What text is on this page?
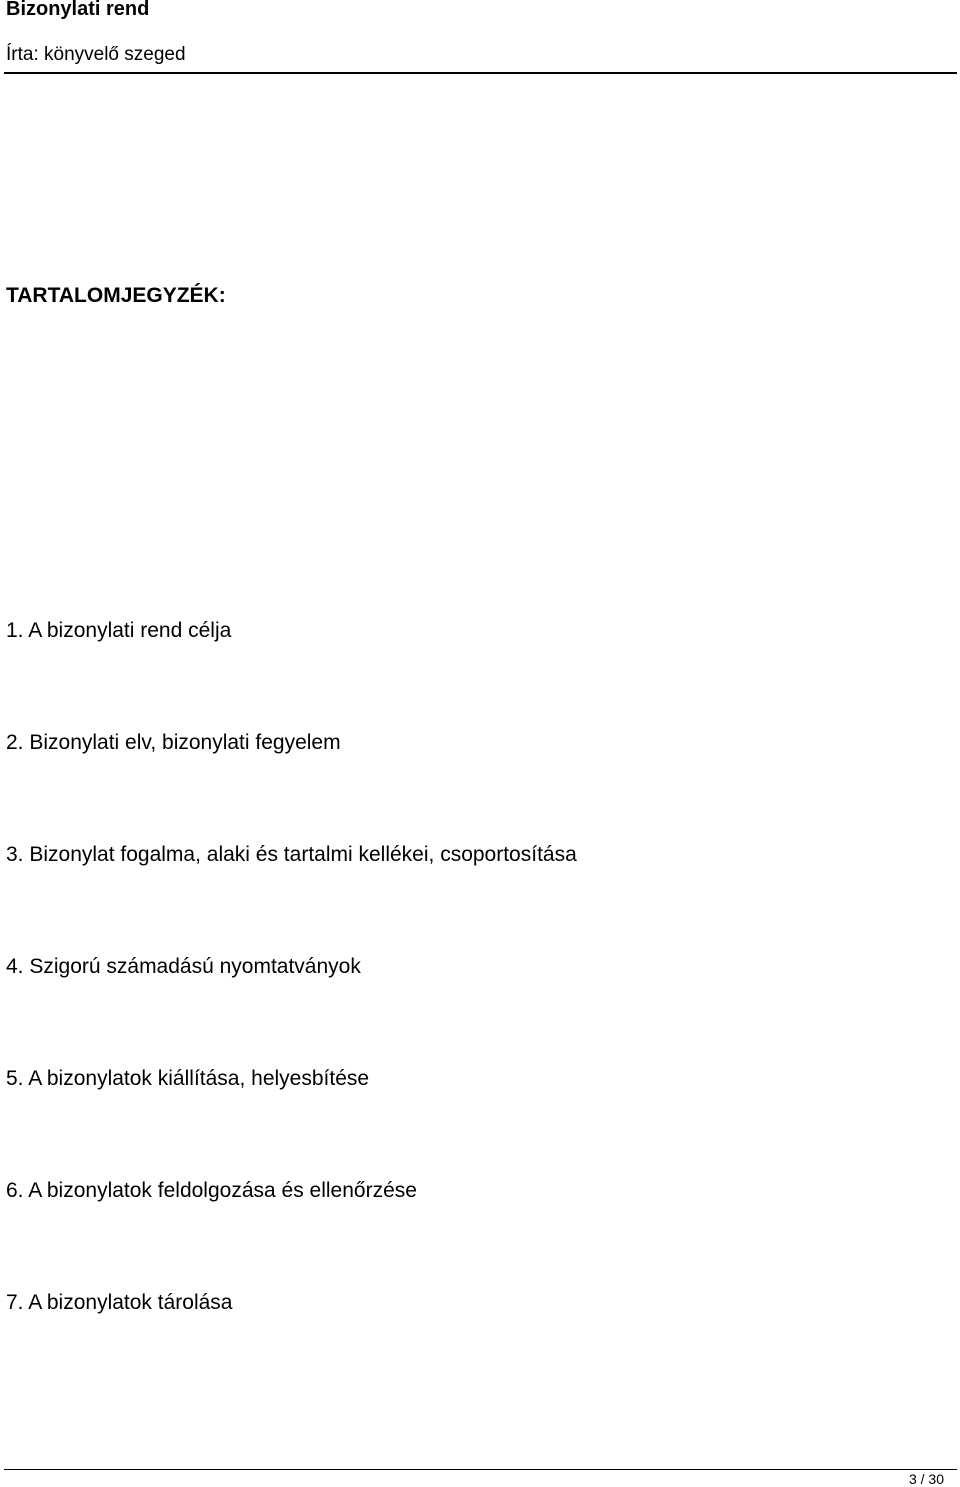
Bizonylati rend
Írta: könyvelő szeged
TARTALOMJEGYZÉK:
1. A bizonylati rend célja
2. Bizonylati elv, bizonylati fegyelem
3. Bizonylat fogalma, alaki és tartalmi kellékei, csoportosítása
4. Szigorú számadású nyomtatványok
5. A bizonylatok kiállítása, helyesbítése
6. A bizonylatok feldolgozása és ellenőrzése
7. A bizonylatok tárolása
3 / 30
